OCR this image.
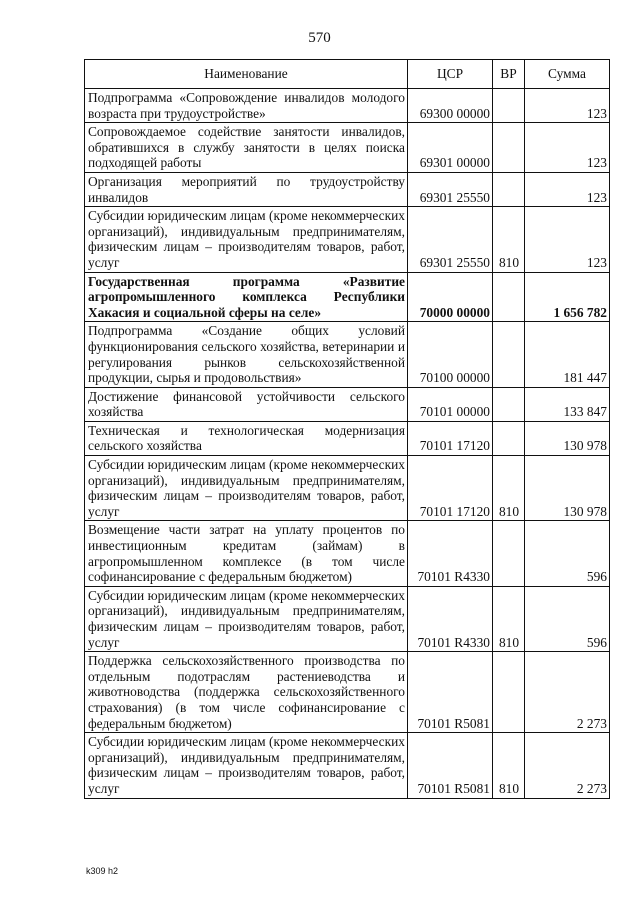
570
Наименование	ЦСР	ВР	Сумма
Подпрограмма «Сопровождение инвалидов молодого возраста при трудоустройстве»	69300 00000		123
Сопровождаемое содействие занятости инвалидов, обратившихся в службу занятости в целях поиска подходящей работы	69301 00000		123
Организация мероприятий по трудоустройству инвалидов	69301 25550		123
Субсидии юридическим лицам (кроме некоммерческих организаций), индивидуальным предпринимателям, физическим лицам – производителям товаров, работ, услуг	69301 25550	810	123
Государственная программа «Развитие агропромышленного комплекса Республики Хакасия и социальной сферы на селе»	70000 00000		1 656 782
Подпрограмма «Создание общих условий функционирования сельского хозяйства, ветеринарии и регулирования рынков сельскохозяйственной продукции, сырья и продовольствия»	70100 00000		181 447
Достижение финансовой устойчивости сельского хозяйства	70101 00000		133 847
Техническая и технологическая модернизация сельского хозяйства	70101 17120		130 978
Субсидии юридическим лицам (кроме некоммерческих организаций), индивидуальным предпринимателям, физическим лицам – производителям товаров, работ, услуг	70101 17120	810	130 978
Возмещение части затрат на уплату процентов по инвестиционным кредитам (займам) в агропромышленном комплексе (в том числе софинансирование с федеральным бюджетом)	70101 R4330		596
Субсидии юридическим лицам (кроме некоммерческих организаций), индивидуальным предпринимателям, физическим лицам – производителям товаров, работ, услуг	70101 R4330	810	596
Поддержка сельскохозяйственного производства по отдельным подотраслям растениеводства и животноводства (поддержка сельскохозяйственного страхования) (в том числе софинансирование с федеральным бюджетом)	70101 R5081		2 273
Субсидии юридическим лицам (кроме некоммерческих организаций), индивидуальным предпринимателям, физическим лицам – производителям товаров, работ, услуг	70101 R5081	810	2 273
k309 h2
